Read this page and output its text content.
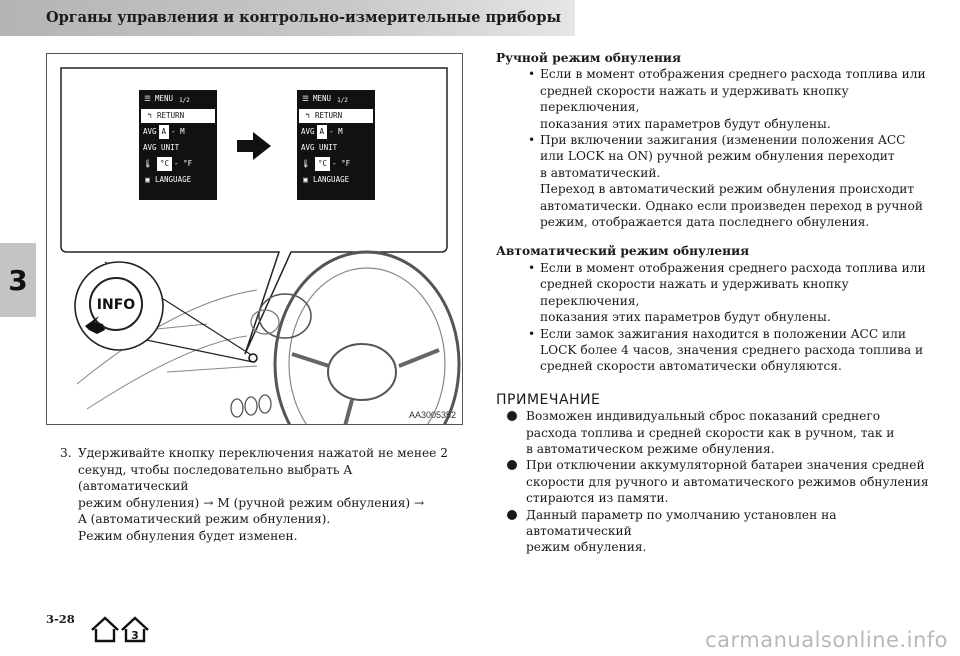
Органы управления и контрольно-измерительные приборы
3
INFO
☰ MENU 1/2
↰ RETURN
AVG A -
M
AVG UNIT
🌡 °C -
°F
▣ LANGUAGE
☰ MENU 1/2
↰ RETURN
AVG A -
M
AVG UNIT
🌡 °C -
°F
▣ LANGUAGE
AA3005352
3. Удерживайте кнопку переключения нажатой не менее 2
секунд, чтобы последовательно выбрать A (автоматический
режим обнуления) → M (ручной режим обнуления) →
A (автоматический режим обнуления).
Режим обнуления будет изменен.
Ручной режим обнуления
• Если в момент отображения среднего расхода топлива или
средней скорости нажать и удерживать кнопку переключения,
показания этих параметров будут обнулены.
• При включении зажигания (изменении положения ACC
или LOCK на ON) ручной режим обнуления переходит
в автоматический.
Переход в автоматический режим обнуления происходит
автоматически. Однако если произведен переход в ручной
режим, отображается дата последнего обнуления.
Автоматический режим обнуления
• Если в момент отображения среднего расхода топлива или
средней скорости нажать и удерживать кнопку переключения,
показания этих параметров будут обнулены.
• Если замок зажигания находится в положении ACC или
LOCK более 4 часов, значения среднего расхода топлива и
средней скорости автоматически обнуляются.
ПРИМЕЧАНИЕ
Возможен индивидуальный сброс показаний среднего
расхода топлива и средней скорости как в ручном, так и
в автоматическом режиме обнуления.
При отключении аккумуляторной батареи значения средней
скорости для ручного и автоматического режимов обнуления
стираются из памяти.
Данный параметр по умолчанию установлен на автоматический
режим обнуления.
3-28
3	carmanualsonline.info
